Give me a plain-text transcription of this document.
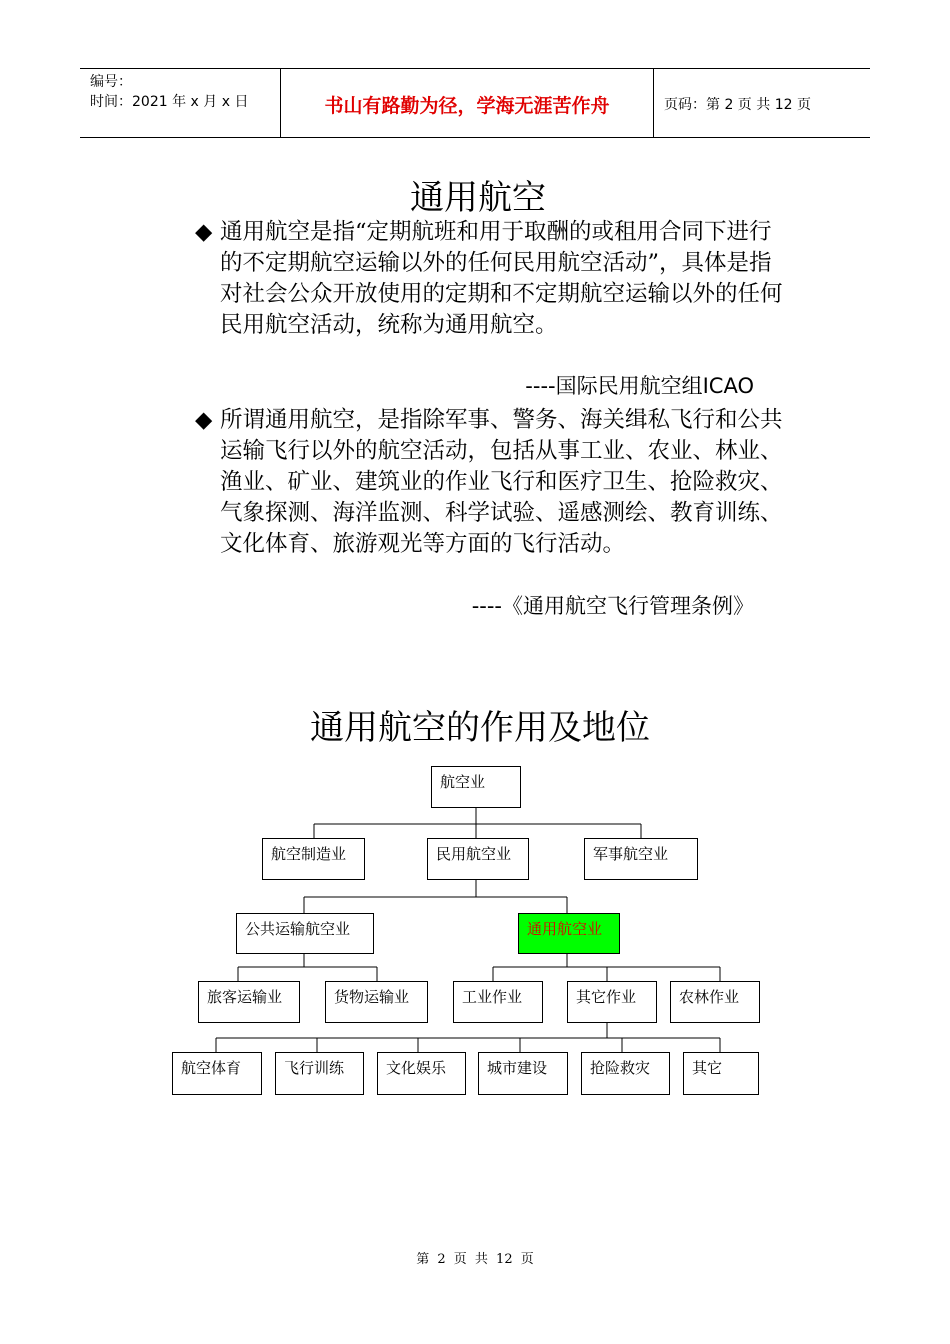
编号：
时间：2021 年 x 月 x 日	书山有路勤为径，学海无涯苦作舟	页码：第 2 页 共 12 页
通用航空
◆ 通用航空是指“定期航班和用于取酬的或租用合同下进行的不定期航空运输以外的任何民用航空活动”，具体是指对社会公众开放使用的定期和不定期航空运输以外的任何民用航空活动，统称为通用航空。
----国际民用航空组ICAO
◆ 所谓通用航空，是指除军事、警务、海关缉私飞行和公共运输飞行以外的航空活动，包括从事工业、农业、林业、渔业、矿业、建筑业的作业飞行和医疗卫生、抢险救灾、气象探测、海洋监测、科学试验、遥感测绘、教育训练、文化体育、旅游观光等方面的飞行活动。
----《通用航空飞行管理条例》
通用航空的作用及地位
航空业
航空制造业	民用航空业	军事航空业
公共运输航空业	通用航空业
旅客运输业	货物运输业	工业作业	其它作业	农林作业
航空体育	飞行训练	文化娱乐	城市建设	抢险救灾	其它
第 2 页 共 12 页
